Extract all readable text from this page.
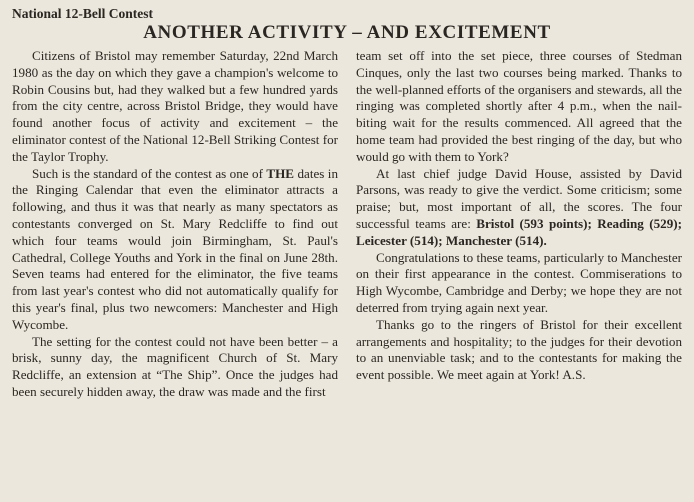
National 12-Bell Contest

ANOTHER ACTIVITY – AND EXCITEMENT

Citizens of Bristol may remember Saturday, 22nd March 1980 as the day on which they gave a champion's welcome to Robin Cousins but, had they walked but a few hundred yards from the city centre, across Bristol Bridge, they would have found another focus of activity and excitement – the eliminator contest of the National 12-Bell Striking Contest for the Taylor Trophy.

Such is the standard of the contest as one of THE dates in the Ringing Calendar that even the eliminator attracts a following, and thus it was that nearly as many spectators as contestants converged on St. Mary Redcliffe to find out which four teams would join Birmingham, St. Paul's Cathedral, College Youths and York in the final on June 28th. Seven teams had entered for the eliminator, the five teams from last year's contest who did not automatically qualify for this year's final, plus two newcomers: Manchester and High Wycombe.

The setting for the contest could not have been better – a brisk, sunny day, the magnificent Church of St. Mary Redcliffe, an extension at “The Ship”. Once the judges had been securely hidden away, the draw was made and the first

team set off into the set piece, three courses of Stedman Cinques, only the last two courses being marked. Thanks to the well-planned efforts of the organisers and stewards, all the ringing was completed shortly after 4 p.m., when the nail-biting wait for the results commenced. All agreed that the home team had provided the best ringing of the day, but who would go with them to York?

At last chief judge David House, assisted by David Parsons, was ready to give the verdict. Some criticism; some praise; but, most important of all, the scores. The four successful teams are: Bristol (593 points); Reading (529); Leicester (514); Manchester (514).

Congratulations to these teams, particularly to Manchester on their first appearance in the contest. Commiserations to High Wycombe, Cambridge and Derby; we hope they are not deterred from trying again next year.

Thanks go to the ringers of Bristol for their excellent arrangements and hospitality; to the judges for their devotion to an unenviable task; and to the contestants for making the event possible. We meet again at York! A.S.
